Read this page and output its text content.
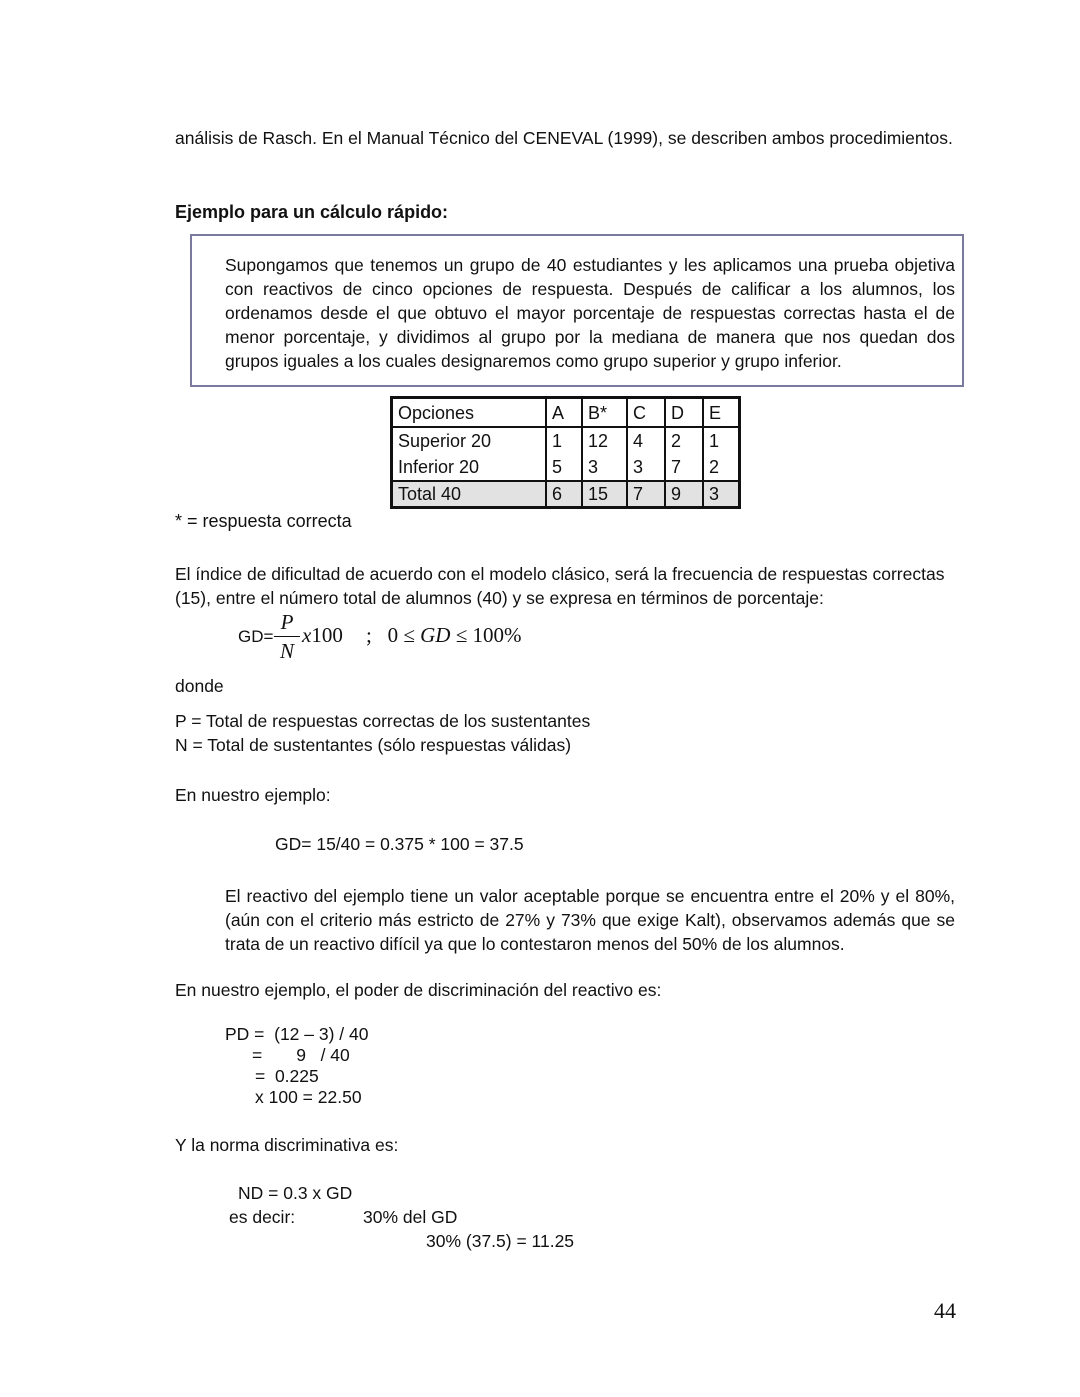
análisis de Rasch. En el Manual Técnico del CENEVAL (1999), se describen ambos procedimientos.

Ejemplo para un cálculo rápido:

Supongamos que tenemos un grupo de 40 estudiantes y les aplicamos una prueba objetiva con reactivos de cinco opciones de respuesta. Después de calificar a los alumnos, los ordenamos desde el que obtuvo el mayor porcentaje de respuestas correctas hasta el de menor porcentaje, y dividimos al grupo por la mediana de manera que nos quedan dos grupos iguales a los cuales designaremos como grupo superior y grupo inferior.

Opciones	A	B*	C	D	E
Superior 20	1	12	4	2	1
Inferior 20	5	3	3	7	2
Total 40	6	15	7	9	3

* = respuesta correcta

El índice de dificultad de acuerdo con el modelo clásico, será la frecuencia de respuestas correctas (15), entre el número total de alumnos (40) y se expresa en términos de porcentaje:

GD=
P
N
x100 ; 0 ≤ GD ≤ 100%

donde

P = Total de respuestas correctas de los sustentantes

N = Total de sustentantes (sólo respuestas válidas)

En nuestro ejemplo:

GD= 15/40 = 0.375 * 100 = 37.5

El reactivo del ejemplo tiene un valor aceptable porque se encuentra entre el 20% y el 80%, (aún con el criterio más estricto de 27% y 73% que exige Kalt), observamos además que se trata de un reactivo difícil ya que lo contestaron menos del 50% de los alumnos.

En nuestro ejemplo, el poder de discriminación del reactivo es:

PD =  (12 – 3) / 40

=       9   / 40

=  0.225

x 100 = 22.50

Y la norma discriminativa es:

ND = 0.3 x GD

es decir:	30% del GD

30% (37.5) = 11.25

44
